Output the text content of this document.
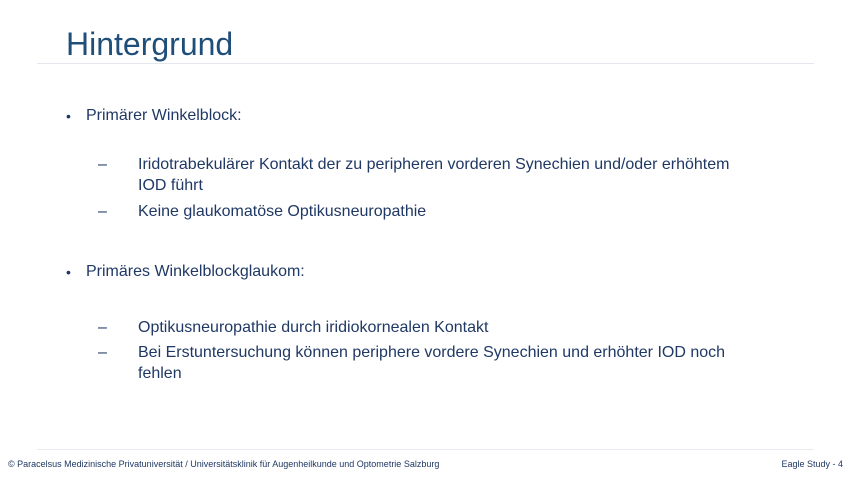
Hintergrund
• Primärer Winkelblock:
– Iridotrabekulärer Kontakt der zu peripheren vorderen Synechien und/oder erhöhtem IOD führt
– Keine glaukomatöse Optikusneuropathie
• Primäres Winkelblockglaukom:
– Optikusneuropathie durch iridiokornealen Kontakt
– Bei Erstuntersuchung können periphere vordere Synechien und erhöhter IOD noch fehlen
© Paracelsus Medizinische Privatuniversität / Universitätsklinik für Augenheilkunde und Optometrie Salzburg	Eagle Study - 4
